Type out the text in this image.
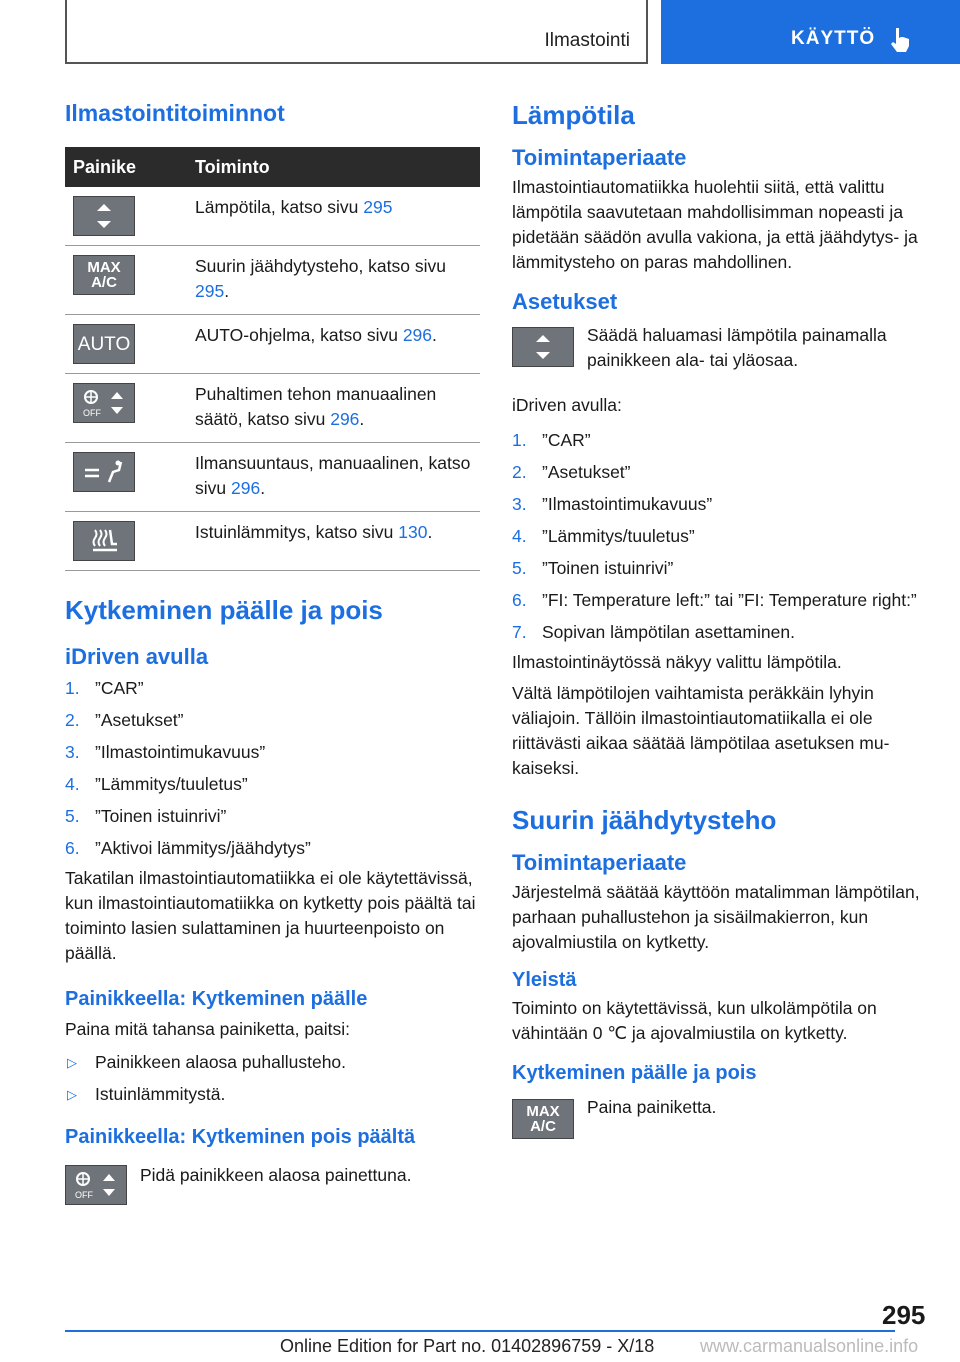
Ilmastointi	KÄYTTÖ
Ilmastointitoiminnot
Painike	Toiminto

	Lämpötila, katso sivu 295

MAX
A/C	Suurin jäähdytysteho, katso sivu 295.

AUTO	AUTO-ohjelma, katso sivu 296.

OFF	Puhaltimen tehon manuaalinen säätö, katso sivu 296.

	Ilmansuuntaus, manuaalinen, katso sivu 296.

	Istuinlämmitys, katso sivu 130.
Kytkeminen päälle ja pois
iDriven avulla
1. ”CAR”
2. ”Asetukset”
3. ”Ilmastointimukavuus”
4. ”Lämmitys/tuuletus”
5. ”Toinen istuinrivi”
6. ”Aktivoi lämmitys/jäähdytys”

Takatilan ilmastointiautomatiikka ei ole käytettävissä, kun ilmastointiautomatiikka on kytketty pois päältä tai toiminto lasien sulattaminen ja huurteenpoisto on päällä.

Painikkeella: Kytkeminen päälle

Paina mitä tahansa painiketta, paitsi:

▷ Painikkeen alaosa puhallusteho.
▷ Istuinlämmitystä.
Painikkeella: Kytkeminen pois päältä
OFF

Pidä painikkeen alaosa painettuna.

Lämpötila
Toimintaperiaate

Ilmastointiautomatiikka huolehtii siitä, että valittu lämpötila saavutetaan mahdollisimman nopeasti ja pidetään säädön avulla vakiona, ja että jäähdytys- ja lämmitysteho on paras mahdollinen.

Asetukset

Säädä haluamasi lämpötila painamalla painikkeen ala- tai yläosaa.

iDriven avulla:

1. ”CAR”
2. ”Asetukset”
3. ”Ilmastointimukavuus”
4. ”Lämmitys/tuuletus”
5. ”Toinen istuinrivi”
6. ”FI: Temperature left:” tai ”FI: Temperature right:”
7. Sopivan lämpötilan asettaminen.

Ilmastointinäytössä näkyy valittu lämpötila.

Vältä lämpötilojen vaihtamista peräkkäin lyhyin väliajoin. Tällöin ilmastointiautomatiikalla ei ole riittävästi aikaa säätää lämpötilaa asetuksen mukaiseksi.

Suurin jäähdytysteho
Toimintaperiaate

Järjestelmä säätää käyttöön matalimman lämpötilan, parhaan puhallustehon ja sisäilmakierron, kun ajovalmiustila on kytketty.

Yleistä

Toiminto on käytettävissä, kun ulkolämpötila on vähintään 0 ℃ ja ajovalmiustila on kytketty.

Kytkeminen päälle ja pois
MAX
A/C

Paina painiketta.

295
Online Edition for Part no. 01402896759 - X/18	www.carmanualsonline.info
